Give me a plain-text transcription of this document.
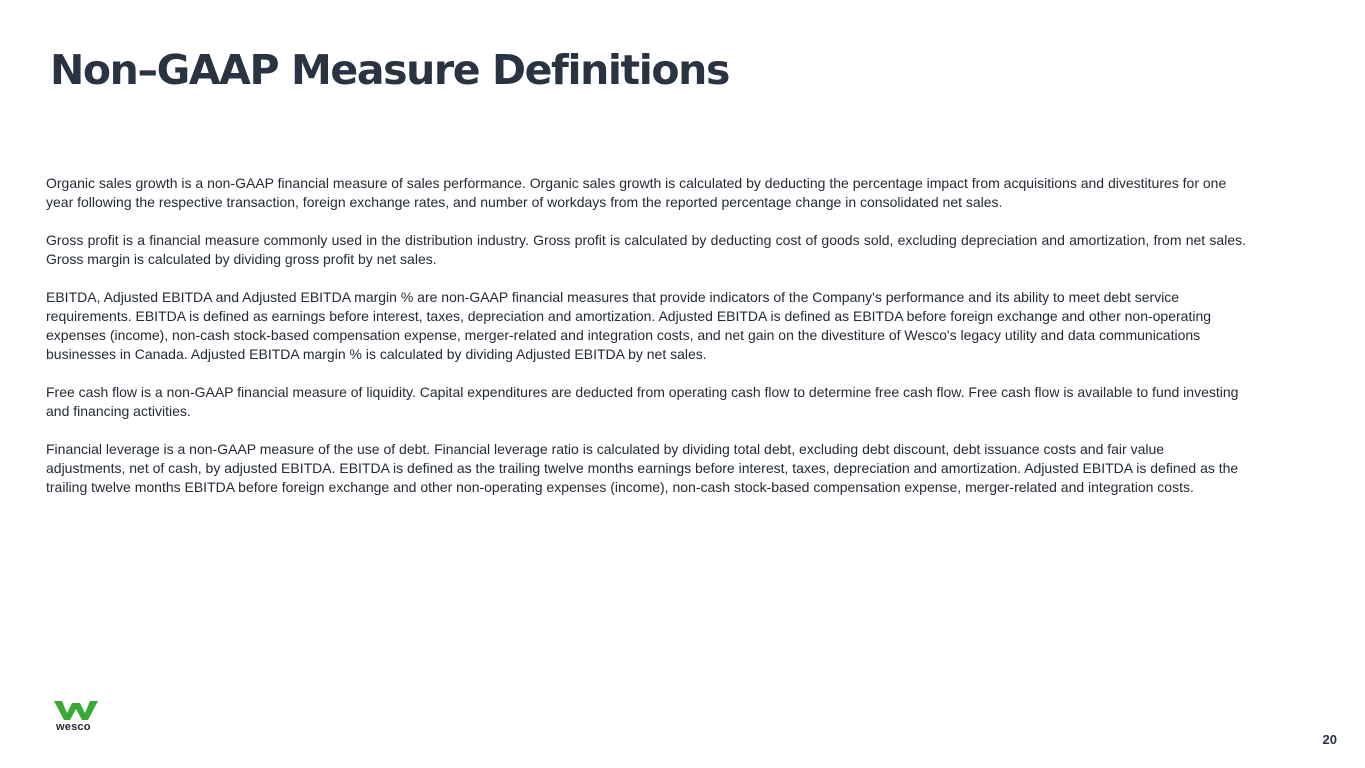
Non–GAAP Measure Definitions

Organic sales growth is a non-GAAP financial measure of sales performance. Organic sales growth is calculated by deducting the percentage impact from acquisitions and divestitures for one year following the respective transaction, foreign exchange rates, and number of workdays from the reported percentage change in consolidated net sales.

Gross profit is a financial measure commonly used in the distribution industry. Gross profit is calculated by deducting cost of goods sold, excluding depreciation and amortization, from net sales. Gross margin is calculated by dividing gross profit by net sales.

EBITDA, Adjusted EBITDA and Adjusted EBITDA margin % are non-GAAP financial measures that provide indicators of the Company's performance and its ability to meet debt service requirements. EBITDA is defined as earnings before interest, taxes, depreciation and amortization. Adjusted EBITDA is defined as EBITDA before foreign exchange and other non-operating expenses (income), non-cash stock-based compensation expense, merger-related and integration costs, and net gain on the divestiture of Wesco's legacy utility and data communications businesses in Canada. Adjusted EBITDA margin % is calculated by dividing Adjusted EBITDA by net sales.

Free cash flow is a non-GAAP financial measure of liquidity. Capital expenditures are deducted from operating cash flow to determine free cash flow. Free cash flow is available to fund investing and financing activities.

Financial leverage is a non-GAAP measure of the use of debt. Financial leverage ratio is calculated by dividing total debt, excluding debt discount, debt issuance costs and fair value adjustments, net of cash, by adjusted EBITDA. EBITDA is defined as the trailing twelve months earnings before interest, taxes, depreciation and amortization. Adjusted EBITDA is defined as the trailing twelve months EBITDA before foreign exchange and other non-operating expenses (income), non-cash stock-based compensation expense, merger-related and integration costs.

wesco
20
